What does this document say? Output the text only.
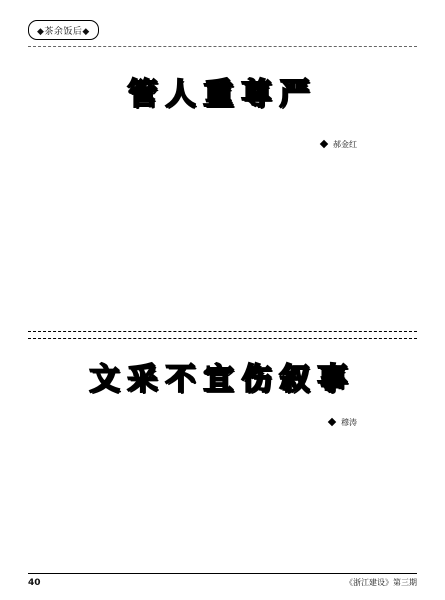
◆茶余饭后◆
管人重尊严
郝金红
文采不宜伤叙事
穆涛
40	《浙江建设》第三期
